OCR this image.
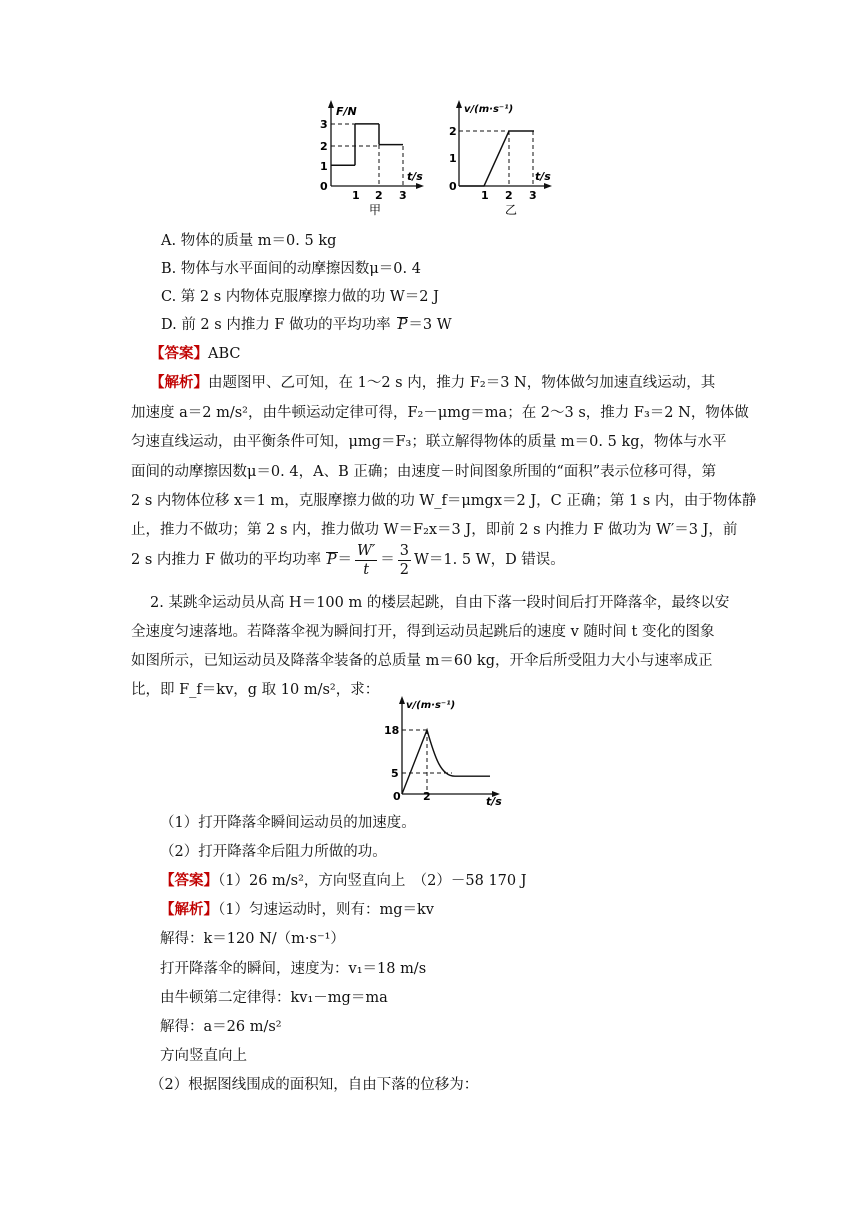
F/N
t/s
3
2
1
0
1 2 3
甲
v/(m·s⁻¹)
t/s
2
1
0
1 2 3
乙
A. 物体的质量 m＝0. 5 kg
B. 物体与水平面间的动摩擦因数μ＝0. 4
C. 第 2 s 内物体克服摩擦力做的功 W＝2 J
D. 前 2 s 内推力 F 做功的平均功率 P＝3 W
【答案】ABC
【解析】由题图甲、乙可知，在 1～2 s 内，推力 F₂＝3 N，物体做匀加速直线运动，其
加速度 a＝2 m/s²，由牛顿运动定律可得，F₂－μmg＝ma；在 2～3 s，推力 F₃＝2 N，物体做
匀速直线运动，由平衡条件可知，μmg＝F₃；联立解得物体的质量 m＝0. 5 kg，物体与水平
面间的动摩擦因数μ＝0. 4，A、B 正确；由速度－时间图象所围的“面积”表示位移可得，第
2 s 内物体位移 x＝1 m，克服摩擦力做的功 W_f＝μmgx＝2 J，C 正确；第 1 s 内，由于物体静
止，推力不做功；第 2 s 内，推力做功 W＝F₂x＝3 J，即前 2 s 内推力 F 做功为 W′＝3 J，前
2 s 内推力 F 做功的平均功率 $P= \frac{W'}{t} = \frac{3}{2} W=1$. 5 W，D 错误。
2. 某跳伞运动员从高 H＝100 m 的楼层起跳，自由下落一段时间后打开降落伞，最终以安
全速度匀速落地。若降落伞视为瞬间打开，得到运动员起跳后的速度 v 随时间 t 变化的图象
如图所示，已知运动员及降落伞装备的总质量 m＝60 kg，开伞后所受阻力大小与速率成正
比，即 F_f＝kv，g 取 10 m/s²，求：
v/(m·s⁻¹)
t/s
18
5
0 2
（1）打开降落伞瞬间运动员的加速度。
（2）打开降落伞后阻力所做的功。
【答案】（1）26 m/s²，方向竖直向上　（2）－58 170 J
【解析】（1）匀速运动时，则有：mg＝kv
解得：k＝120 N/（m·s⁻¹）
打开降落伞的瞬间，速度为：v₁＝18 m/s
由牛顿第二定律得：kv₁－mg＝ma
解得：a＝26 m/s²
方向竖直向上
（2）根据图线围成的面积知，自由下落的位移为：
